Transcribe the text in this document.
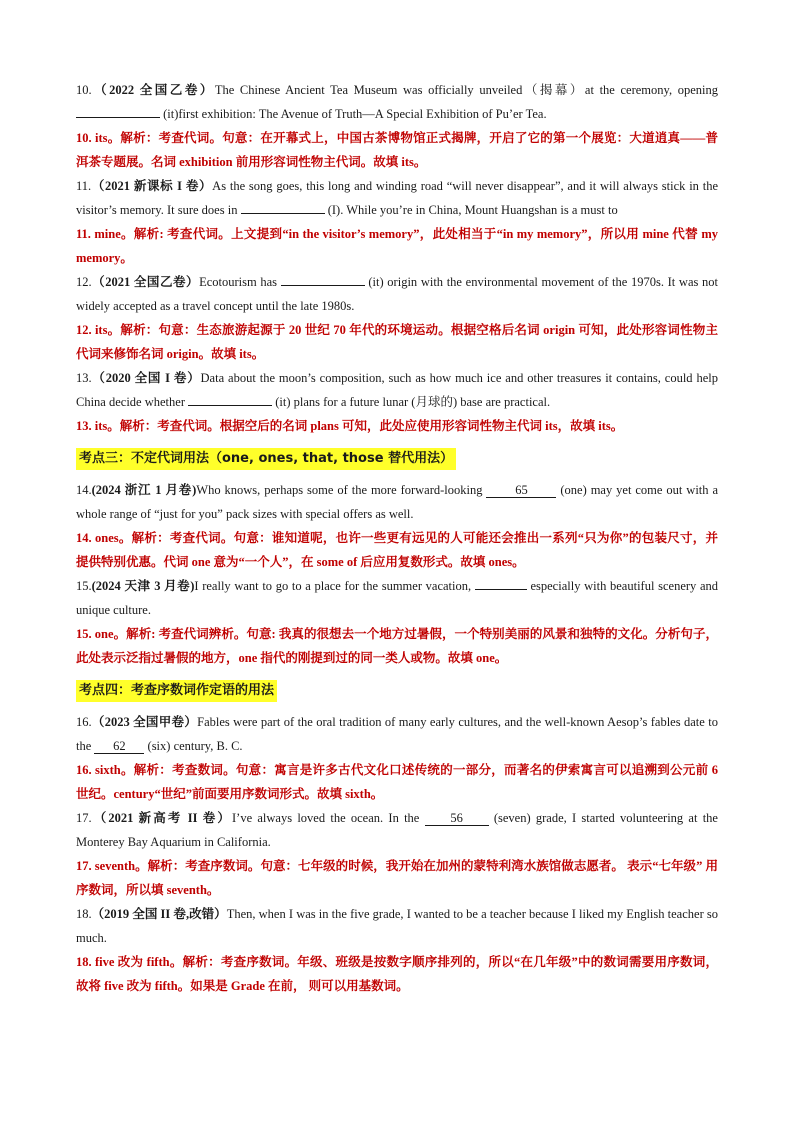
10.（2022 全国乙卷）The Chinese Ancient Tea Museum was officially unveiled（揭幕）at the ceremony, opening  (it)first exhibition: The Avenue of Truth—A Special Exhibition of Pu’er Tea.

10. its。解析：考查代词。句意：在开幕式上，中国古茶博物馆正式揭牌，开启了它的第一个展览：大道逍真——普洱茶专题展。名词 exhibition 前用形容词性物主代词。故填 its。

11.（2021 新课标 I 卷）As the song goes, this long and winding road “will never disappear”, and it will always stick in the visitor’s memory. It sure does in	(I). While you’re in China, Mount Huangshan is a must to

11. mine。解析: 考查代词。上文提到“in the visitor’s memory”，此处相当于“in my memory”，所以用 mine 代替 my memory。

12.（2021 全国乙卷）Ecotourism has	(it) origin with the environmental movement of the 1970s. It was not widely accepted as a travel concept until the late 1980s.

12. its。解析：句意：生态旅游起源于 20 世纪 70 年代的环境运动。根据空格后名词 origin 可知，此处形容词性物主代词来修饰名词 origin。故填 its。

13.（2020 全国 I 卷）Data about the moon’s composition, such as how much ice and other treasures it contains, could help China decide whether	(it) plans for a future lunar (月球的) base are practical.

13. its。解析：考查代词。根据空后的名词 plans 可知，此处应使用形容词性物主代词 its，故填 its。

考点三：不定代词用法（one, ones, that, those 替代用法）

14.(2024 浙江 1 月卷)Who knows, perhaps some of the more forward-looking 65 (one) may yet come out with a whole range of “just for you” pack sizes with special offers as well.

14. ones。解析：考查代词。句意：谁知道呢，也许一些更有远见的人可能还会推出一系列“只为你”的包装尺寸，并提供特别优惠。代词 one 意为“一个人”，在 some of 后应用复数形式。故填 ones。

15.(2024 天津 3 月卷)I really want to go to a place for the summer vacation,	especially with beautiful scenery and unique culture.

15. one。解析: 考查代词辨析。句意: 我真的很想去一个地方过暑假，一个特别美丽的风景和独特的文化。分析句子，此处表示泛指过暑假的地方，one 指代的刚提到过的同一类人或物。故填 one。

考点四：考查序数词作定语的用法

16.（2023 全国甲卷）Fables were part of the oral tradition of many early cultures, and the well-known Aesop’s fables date to the 62 (six) century, B. C.

16. sixth。解析：考查数词。句意：寓言是许多古代文化口述传统的一部分，而著名的伊索寓言可以追溯到公元前 6 世纪。century“世纪”前面要用序数词形式。故填 sixth。

17.（2021 新高考 II 卷）I’ve always loved the ocean. In the 56 (seven) grade, I started volunteering at the Monterey Bay Aquarium in California.

17. seventh。解析：考查序数词。句意：七年级的时候，我开始在加州的蒙特利湾水族馆做志愿者。 表示“七年级” 用序数词，所以填 seventh。

18.（2019 全国 II 卷,改错）Then, when I was in the five grade, I wanted to be a teacher because I liked my English teacher so much.

18. five 改为 fifth。解析：考查序数词。年级、班级是按数字顺序排列的，所以“在几年级”中的数词需要用序数词，故将 five 改为 fifth。如果是 Grade 在前， 则可以用基数词。
